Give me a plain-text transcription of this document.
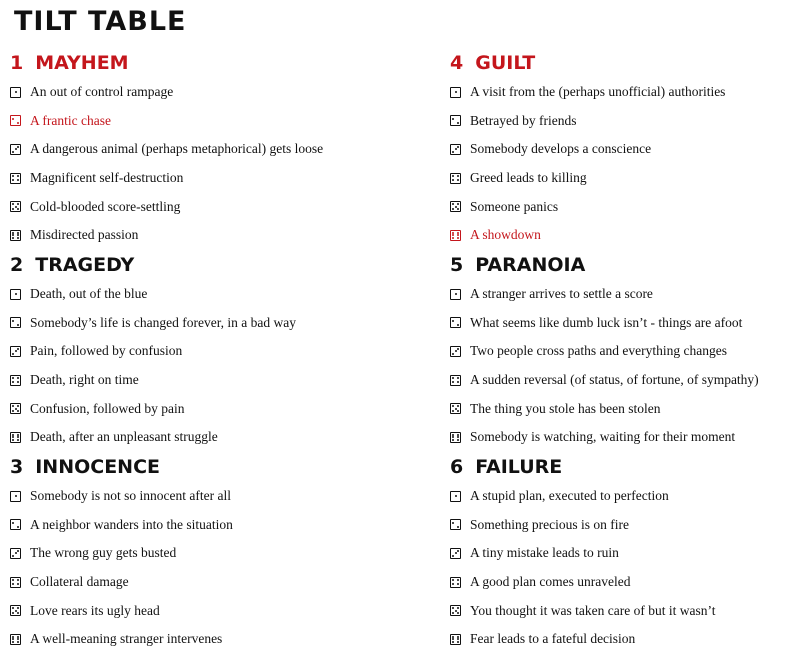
TILT TABLE
1 MAYHEM
An out of control rampage
A frantic chase
A dangerous animal (perhaps metaphorical) gets loose
Magnificent self-destruction
Cold-blooded score-settling
Misdirected passion
2 TRAGEDY
Death, out of the blue
Somebody’s life is changed forever, in a bad way
Pain, followed by confusion
Death, right on time
Confusion, followed by pain
Death, after an unpleasant struggle
3 INNOCENCE
Somebody is not so innocent after all
A neighbor wanders into the situation
The wrong guy gets busted
Collateral damage
Love rears its ugly head
A well-meaning stranger intervenes
4 GUILT
A visit from the (perhaps unofficial) authorities
Betrayed by friends
Somebody develops a conscience
Greed leads to killing
Someone panics
A showdown
5 PARANOIA
A stranger arrives to settle a score
What seems like dumb luck isn’t - things are afoot
Two people cross paths and everything changes
A sudden reversal (of status, of fortune, of sympathy)
The thing you stole has been stolen
Somebody is watching, waiting for their moment
6 FAILURE
A stupid plan, executed to perfection
Something precious is on fire
A tiny mistake leads to ruin
A good plan comes unraveled
You thought it was taken care of but it wasn’t
Fear leads to a fateful decision
